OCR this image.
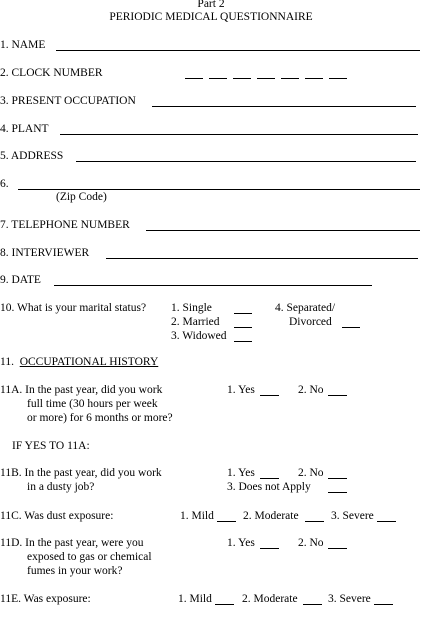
Part 2
PERIODIC MEDICAL QUESTIONNAIRE
1. NAME
2. CLOCK NUMBER
3. PRESENT OCCUPATION
4. PLANT
5. ADDRESS
6.
(Zip Code)
7. TELEPHONE NUMBER
8. INTERVIEWER
9. DATE
10. What is your marital status? 1. Single
2. Married
3. Widowed
4. Separated/
Divorced
11. OCCUPATIONAL HISTORY
11A. In the past year, did you work
full time (30 hours per week
or more) for 6 months or more?
1. Yes	2. No
IF YES TO 11A:
11B. In the past year, did you work
in a dusty job?
1. Yes	2. No
3. Does not Apply
11C. Was dust exposure:	1. Mild	2. Moderate	3. Severe
11D. In the past year, were you
exposed to gas or chemical
fumes in your work?
1. Yes	2. No
11E. Was exposure:	1. Mild	2. Moderate	3. Severe
